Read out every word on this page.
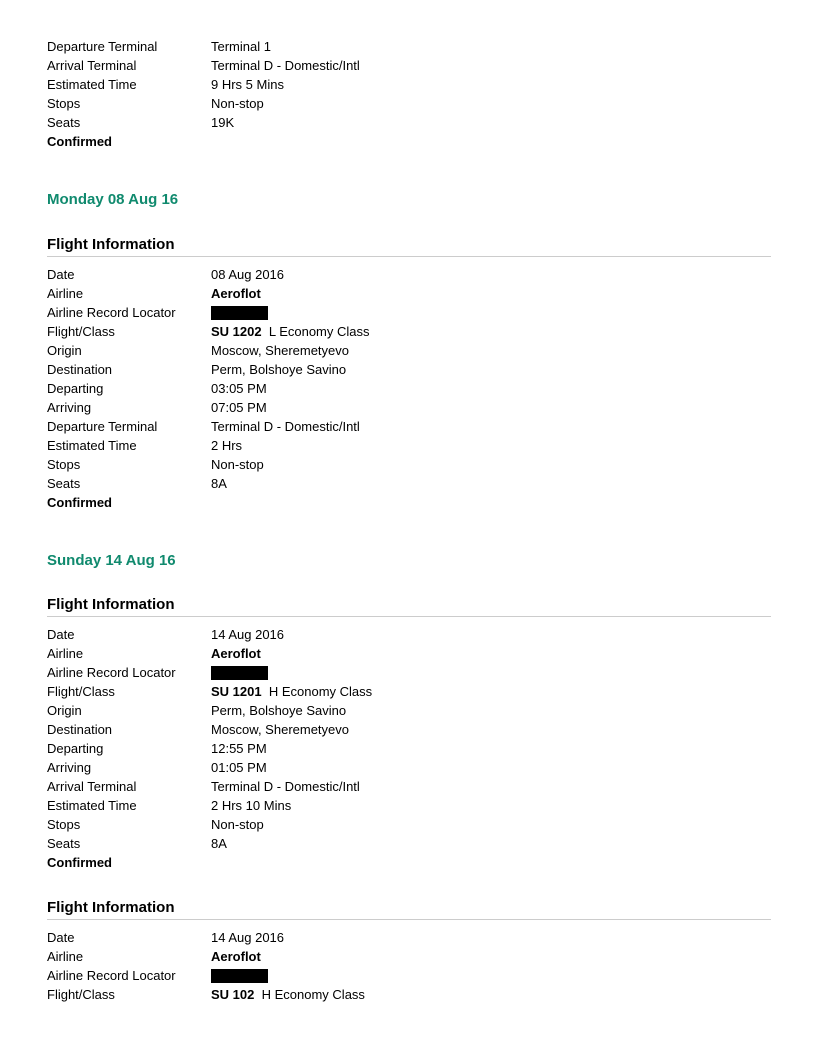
Departure Terminal	Terminal 1
Arrival Terminal	Terminal D - Domestic/Intl
Estimated Time	9 Hrs 5 Mins
Stops	Non-stop
Seats	19K
Confirmed
Monday 08 Aug 16
Flight Information
Date	08 Aug 2016
Airline	Aeroflot
Airline Record Locator
Flight/Class	SU 1202 L Economy Class
Origin	Moscow, Sheremetyevo
Destination	Perm, Bolshoye Savino
Departing	03:05 PM
Arriving	07:05 PM
Departure Terminal	Terminal D - Domestic/Intl
Estimated Time	2 Hrs
Stops	Non-stop
Seats	8A
Confirmed
Sunday 14 Aug 16
Flight Information
Date	14 Aug 2016
Airline	Aeroflot
Airline Record Locator
Flight/Class	SU 1201 H Economy Class
Origin	Perm, Bolshoye Savino
Destination	Moscow, Sheremetyevo
Departing	12:55 PM
Arriving	01:05 PM
Arrival Terminal	Terminal D - Domestic/Intl
Estimated Time	2 Hrs 10 Mins
Stops	Non-stop
Seats	8A
Confirmed
Flight Information
Date	14 Aug 2016
Airline	Aeroflot
Airline Record Locator
Flight/Class	SU 102 H Economy Class
